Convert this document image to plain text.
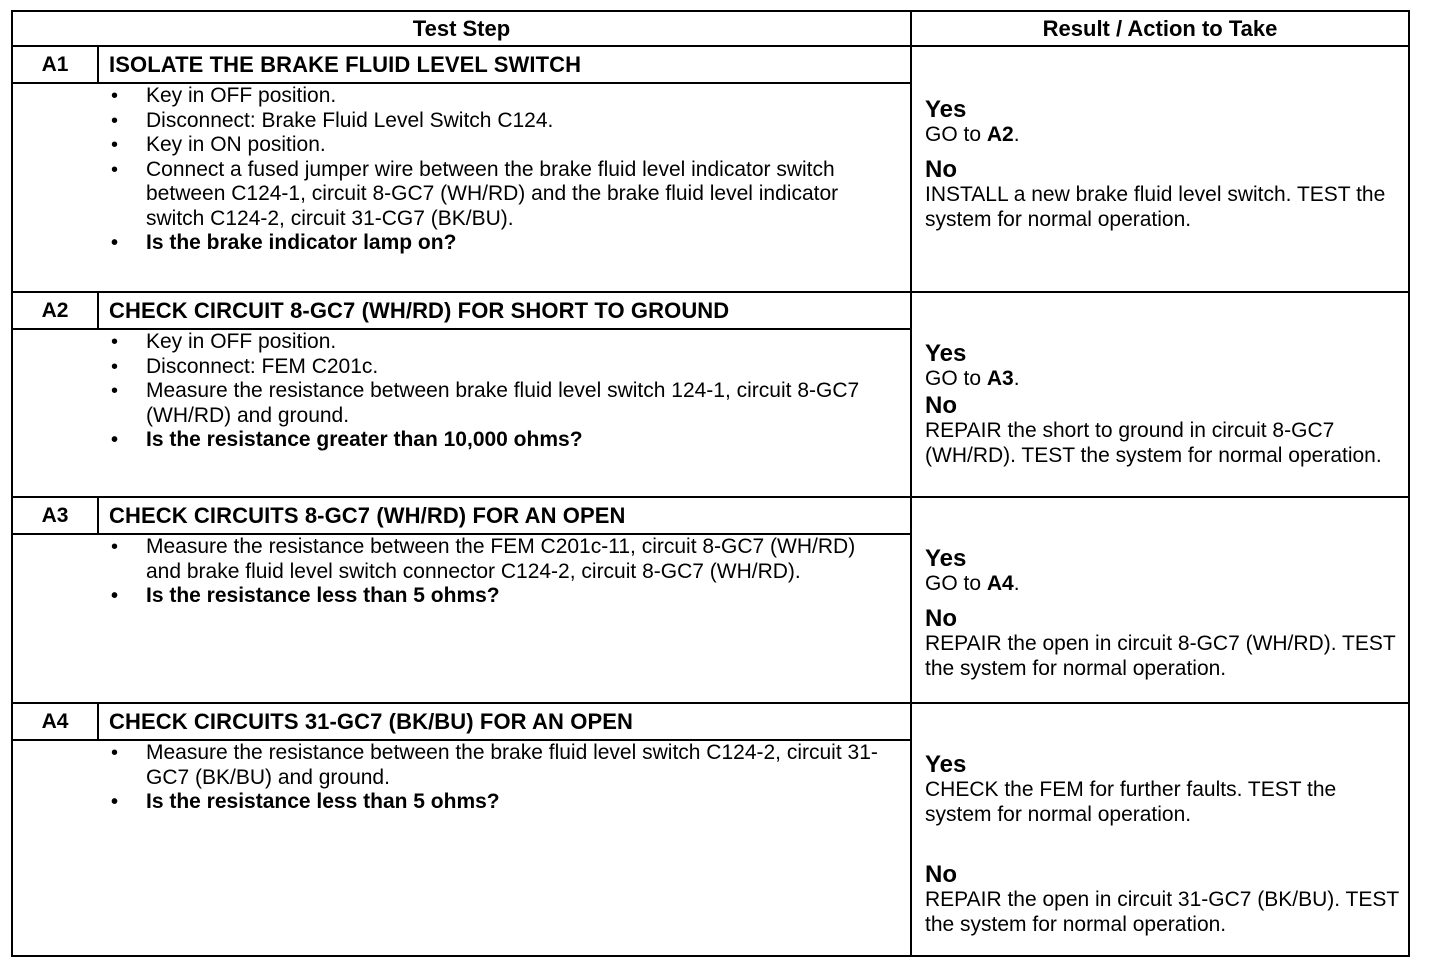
Test Step	Result / Action to Take
A1	ISOLATE THE BRAKE FLUID LEVEL SWITCH
• Key in OFF position.
• Disconnect: Brake Fluid Level Switch C124.
• Key in ON position.
• Connect a fused jumper wire between the brake fluid level indicator switch between C124-1, circuit 8-GC7 (WH/RD) and the brake fluid level indicator switch C124-2, circuit 31-CG7 (BK/BU).
• Is the brake indicator lamp on?
Yes
GO to A2.
No
INSTALL a new brake fluid level switch. TEST the system for normal operation.
A2	CHECK CIRCUIT 8-GC7 (WH/RD) FOR SHORT TO GROUND
• Key in OFF position.
• Disconnect: FEM C201c.
• Measure the resistance between brake fluid level switch 124-1, circuit 8-GC7 (WH/RD) and ground.
• Is the resistance greater than 10,000 ohms?
Yes
GO to A3.
No
REPAIR the short to ground in circuit 8-GC7 (WH/RD). TEST the system for normal operation.
A3	CHECK CIRCUITS 8-GC7 (WH/RD) FOR AN OPEN
• Measure the resistance between the FEM C201c-11, circuit 8-GC7 (WH/RD) and brake fluid level switch connector C124-2, circuit 8-GC7 (WH/RD).
• Is the resistance less than 5 ohms?
Yes
GO to A4.
No
REPAIR the open in circuit 8-GC7 (WH/RD). TEST the system for normal operation.
A4	CHECK CIRCUITS 31-GC7 (BK/BU) FOR AN OPEN
• Measure the resistance between the brake fluid level switch C124-2, circuit 31-GC7 (BK/BU) and ground.
• Is the resistance less than 5 ohms?
Yes
CHECK the FEM for further faults. TEST the system for normal operation.
No
REPAIR the open in circuit 31-GC7 (BK/BU). TEST the system for normal operation.
